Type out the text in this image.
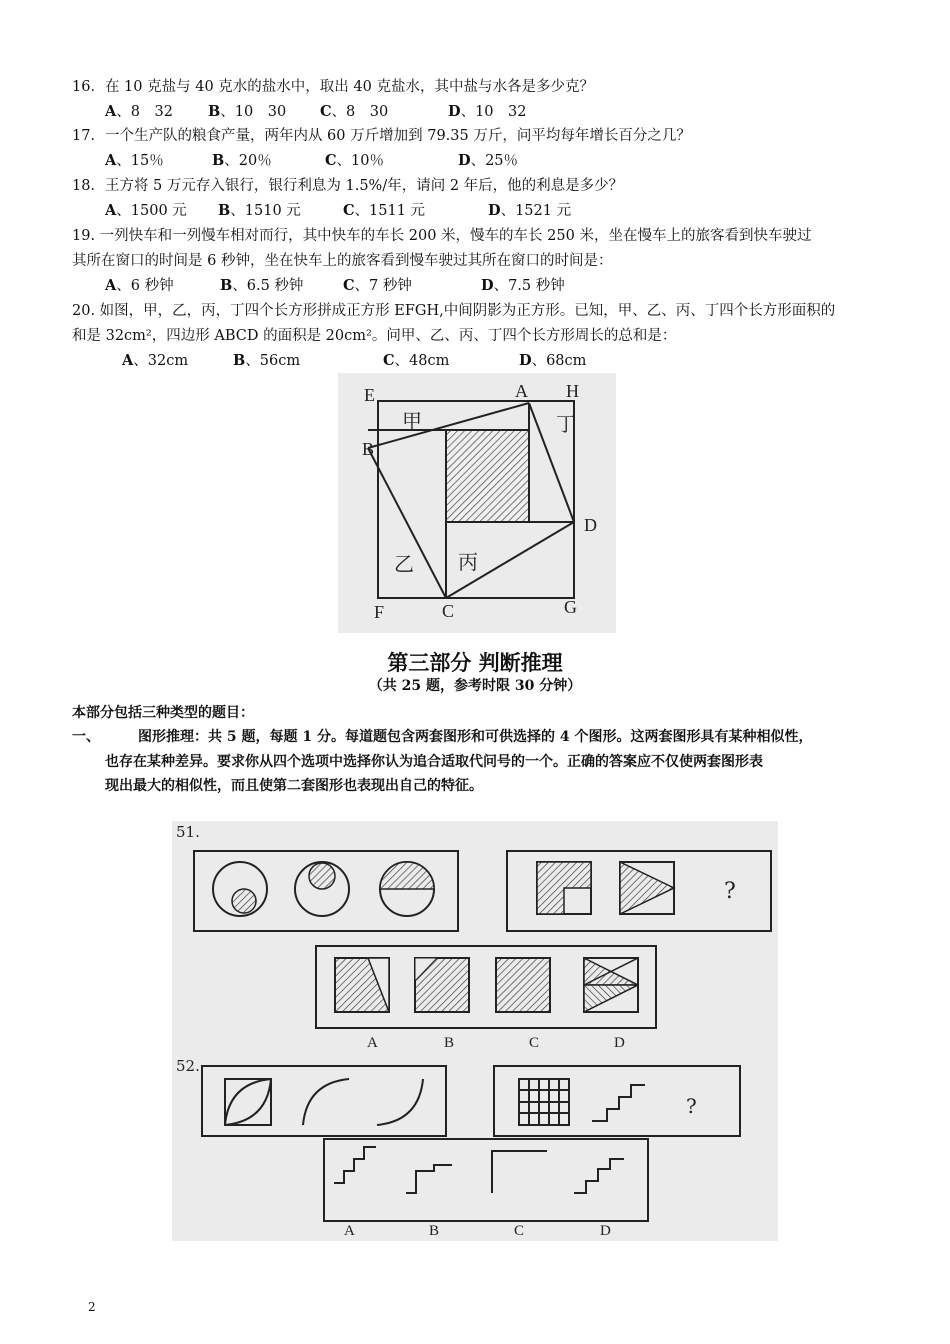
16．在 10 克盐与 40 克水的盐水中，取出 40 克盐水，其中盐与水各是多少克？
A、8　32 B、10　30 C、8　30	D、10　32
17．一个生产队的粮食产量，两年内从 60 万斤增加到 79.35 万斤，问平均每年增长百分之几？
A、15％	B、20％	C、10％	D、25％
18．王方将 5 万元存入银行，银行利息为 1.5%/年，请问 2 年后，他的利息是多少？
A、1500 元 B、1510 元	C、1511 元	D、1521 元
19. 一列快车和一列慢车相对而行，其中快车的车长 200 米，慢车的车长 250 米，坐在慢车上的旅客看到快车驶过
其所在窗口的时间是 6 秒钟，坐在快车上的旅客看到慢车驶过其所在窗口的时间是：
A、6 秒钟	B、6.5 秒钟	C、7 秒钟	D、7.5 秒钟
20. 如图，甲，乙，丙，丁四个长方形拼成正方形 EFGH,中间阴影为正方形。已知，甲、乙、丙、丁四个长方形面积的
和是 32cm²，四边形 ABCD 的面积是 20cm²。问甲、乙、丙、丁四个长方形周长的总和是：
A、32cm	B、56cm	C、48cm	D、68cm
E	A H
B
D
F	C	G
甲	丁
乙 丙
第三部分 判断推理
（共 25 题，参考时限 30 分钟）
本部分包括三种类型的题目：
一、	图形推理：共 5 题，每题 1 分。每道题包含两套图形和可供选择的 4 个图形。这两套图形具有某种相似性，
也存在某种差异。要求你从四个选项中选择你认为追合适取代问号的一个。正确的答案应不仅使两套图形表
现出最大的相似性，而且使第二套图形也表现出自己的特征。
51.
?
A	B	C	D
52.
?
A	B	C	D
2
